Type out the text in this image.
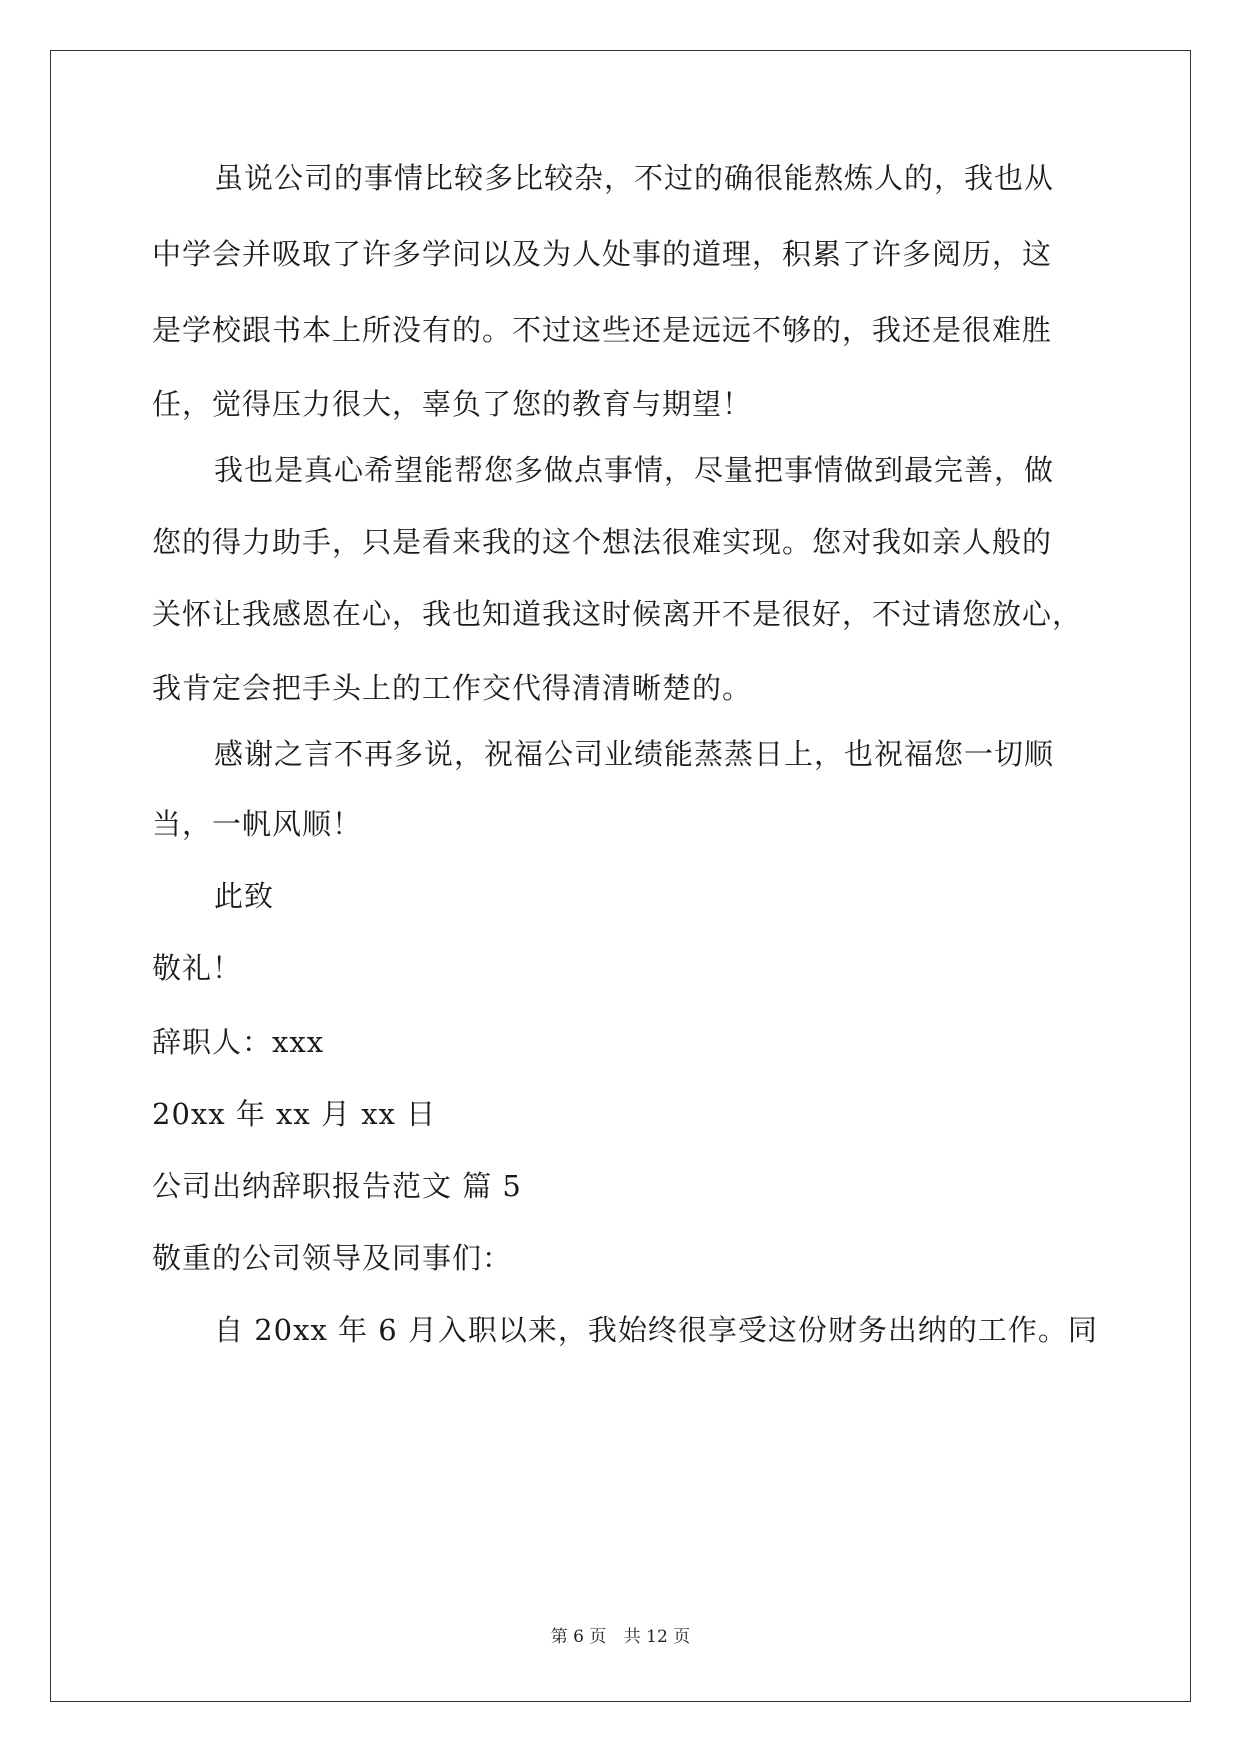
虽说公司的事情比较多比较杂，不过的确很能熬炼人的，我也从
中学会并吸取了许多学问以及为人处事的道理，积累了许多阅历，这
是学校跟书本上所没有的。不过这些还是远远不够的，我还是很难胜
任，觉得压力很大，辜负了您的教育与期望！
我也是真心希望能帮您多做点事情，尽量把事情做到最完善，做
您的得力助手，只是看来我的这个想法很难实现。您对我如亲人般的
关怀让我感恩在心，我也知道我这时候离开不是很好，不过请您放心，
我肯定会把手头上的工作交代得清清晰楚的。
感谢之言不再多说，祝福公司业绩能蒸蒸日上，也祝福您一切顺
当，一帆风顺！
此致
敬礼！
辞职人：xxx
20xx 年 xx 月 xx 日
公司出纳辞职报告范文 篇 5
敬重的公司领导及同事们：
自 20xx 年 6 月入职以来，我始终很享受这份财务出纳的工作。同
第 6 页 共 12 页
